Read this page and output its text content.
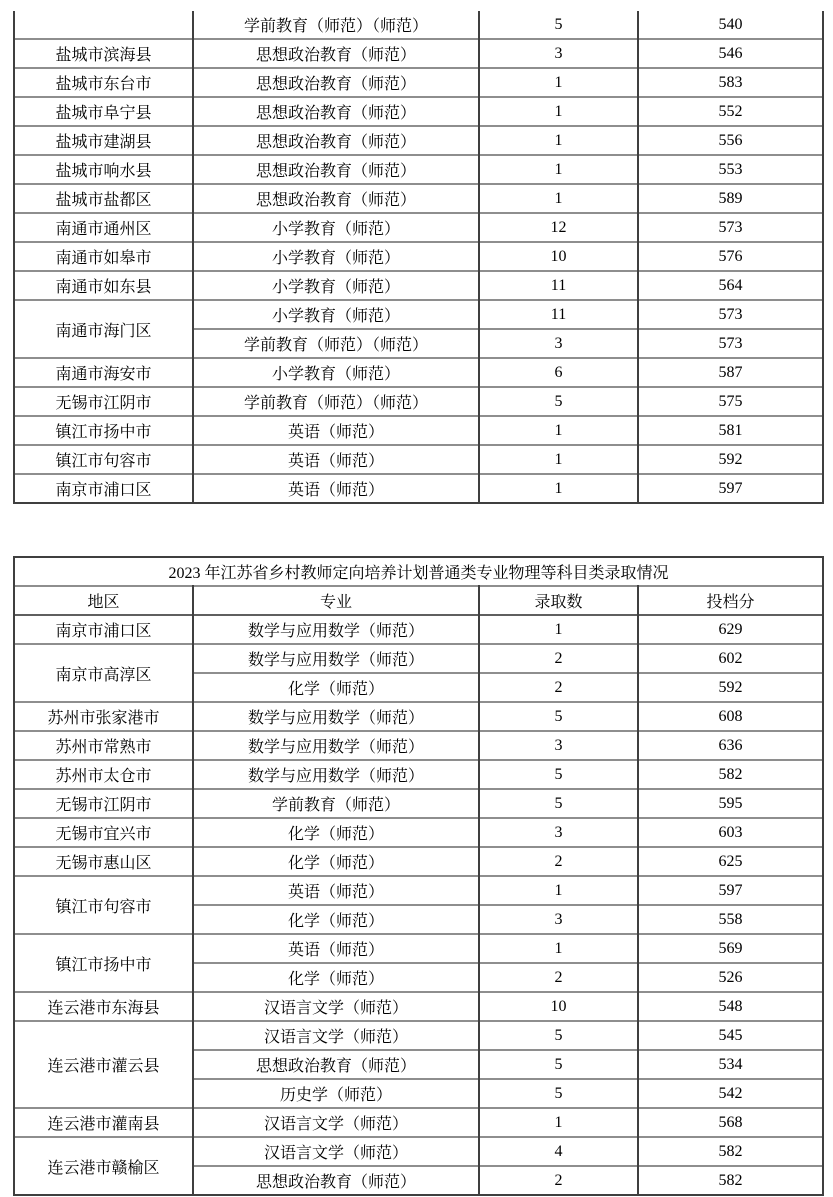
	学前教育（师范）（师范）	5	540
盐城市滨海县	思想政治教育（师范）	3	546
盐城市东台市	思想政治教育（师范）	1	583
盐城市阜宁县	思想政治教育（师范）	1	552
盐城市建湖县	思想政治教育（师范）	1	556
盐城市响水县	思想政治教育（师范）	1	553
盐城市盐都区	思想政治教育（师范）	1	589
南通市通州区	小学教育（师范）	12	573
南通市如皋市	小学教育（师范）	10	576
南通市如东县	小学教育（师范）	11	564
南通市海门区	小学教育（师范）	11	573
	学前教育（师范）（师范）	3	573
南通市海安市	小学教育（师范）	6	587
无锡市江阴市	学前教育（师范）（师范）	5	575
镇江市扬中市	英语（师范）	1	581
镇江市句容市	英语（师范）	1	592
南京市浦口区	英语（师范）	1	597
2023 年江苏省乡村教师定向培养计划普通类专业物理等科目类录取情况			
地区	专业	录取数	投档分
南京市浦口区	数学与应用数学（师范）	1	629
南京市高淳区	数学与应用数学（师范）	2	602
	化学（师范）	2	592
苏州市张家港市	数学与应用数学（师范）	5	608
苏州市常熟市	数学与应用数学（师范）	3	636
苏州市太仓市	数学与应用数学（师范）	5	582
无锡市江阴市	学前教育（师范）	5	595
无锡市宜兴市	化学（师范）	3	603
无锡市惠山区	化学（师范）	2	625
镇江市句容市	英语（师范）	1	597
	化学（师范）	3	558
镇江市扬中市	英语（师范）	1	569
	化学（师范）	2	526
连云港市东海县	汉语言文学（师范）	10	548
连云港市灌云县	汉语言文学（师范）	5	545
	思想政治教育（师范）	5	534
	历史学（师范）	5	542
连云港市灌南县	汉语言文学（师范）	1	568
连云港市赣榆区	汉语言文学（师范）	4	582
	思想政治教育（师范）	2	582
